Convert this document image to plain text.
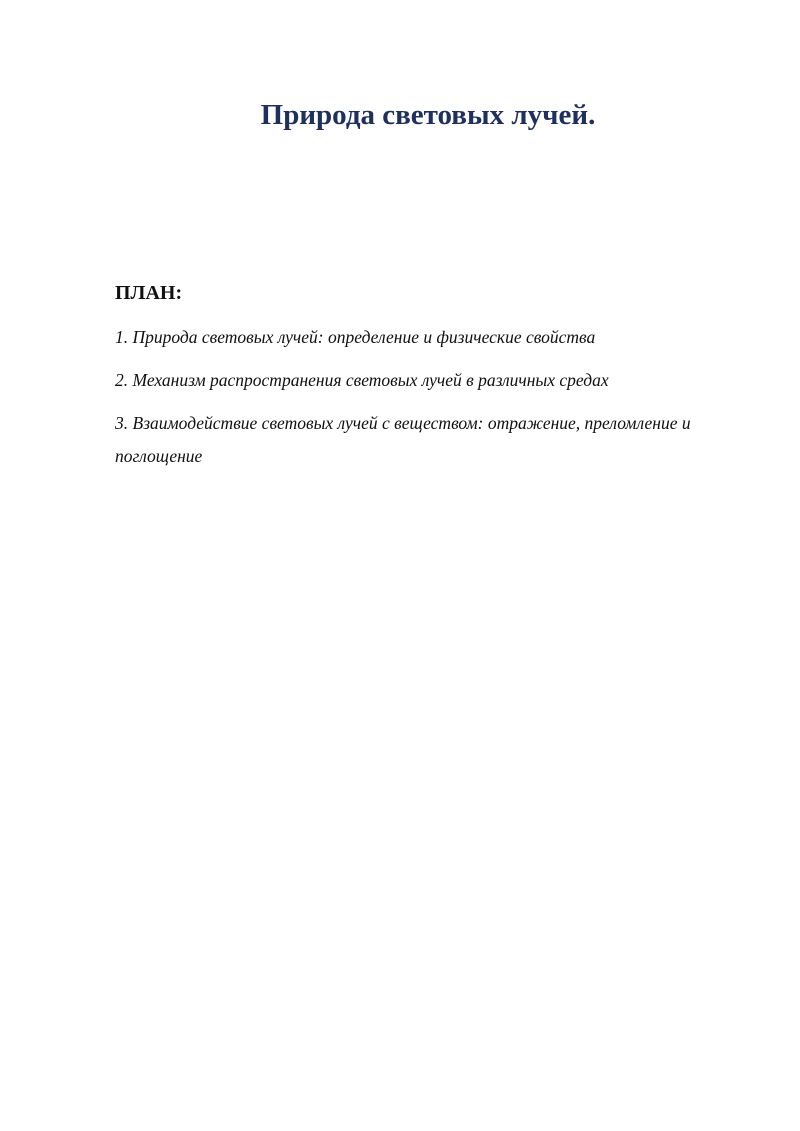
Природа световых лучей.
ПЛАН:
1. Природа световых лучей: определение и физические свойства
2. Механизм распространения световых лучей в различных средах
3. Взаимодействие световых лучей с веществом: отражение, преломление и поглощение
